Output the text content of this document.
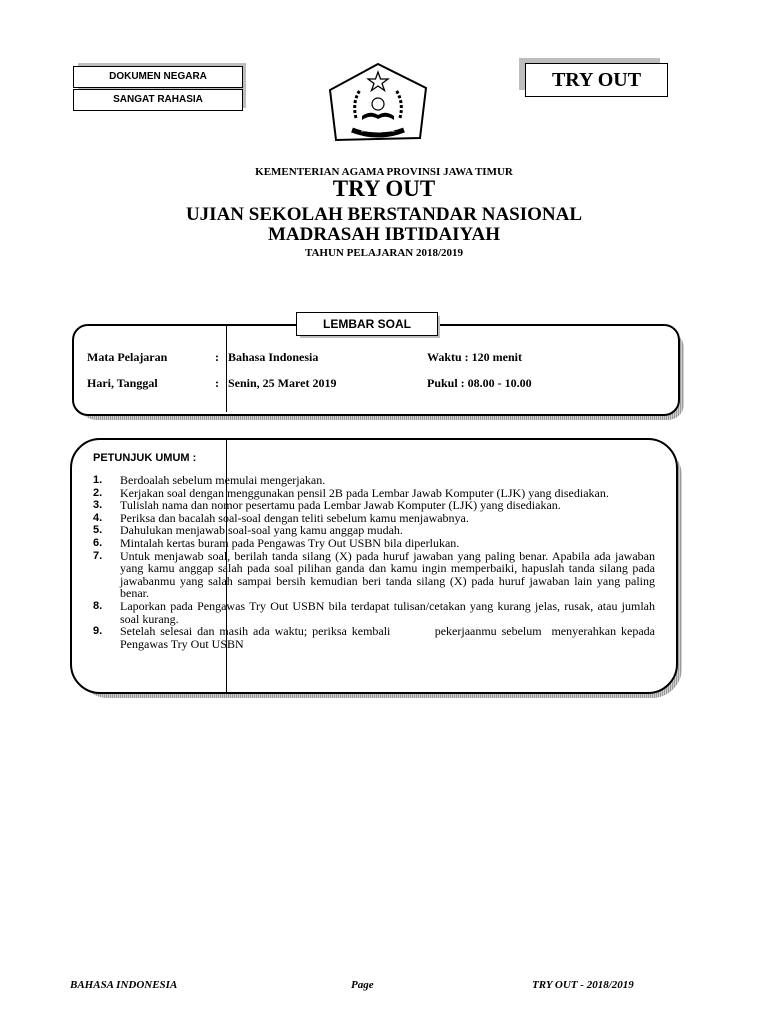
DOKUMEN NEGARA
SANGAT RAHASIA
TRY OUT
IKHLAS BERAMAL
KEMENTERIAN AGAMA PROVINSI JAWA TIMUR
TRY OUT
UJIAN SEKOLAH BERSTANDAR NASIONAL
MADRASAH IBTIDAIYAH
TAHUN PELAJARAN 2018/2019
LEMBAR SOAL
Mata Pelajaran	: Bahasa Indonesia	Waktu : 120 menit
Hari, Tanggal	: Senin, 25 Maret 2019	Pukul : 08.00 - 10.00
PETUNJUK UMUM :
1. Berdoalah sebelum memulai mengerjakan.
2. Kerjakan soal dengan menggunakan pensil 2B pada Lembar Jawab Komputer (LJK) yang disediakan.
3. Tulislah nama dan nomor pesertamu pada Lembar Jawab Komputer (LJK) yang disediakan.
4. Periksa dan bacalah soal-soal dengan teliti sebelum kamu menjawabnya.
5. Dahulukan menjawab soal-soal yang kamu anggap mudah.
6. Mintalah kertas buram pada Pengawas Try Out USBN bila diperlukan.
7. Untuk menjawab soal, berilah tanda silang (X) pada huruf jawaban yang paling benar. Apabila ada jawaban yang kamu anggap salah pada soal pilihan ganda dan kamu ingin memperbaiki, hapuslah tanda silang pada jawabanmu yang salah sampai bersih kemudian beri tanda silang (X) pada huruf jawaban lain yang paling benar.
8. Laporkan pada Pengawas Try Out USBN bila terdapat tulisan/cetakan yang kurang jelas, rusak, atau jumlah soal kurang.
9. Setelah selesai dan masih ada waktu; periksa kembali         pekerjaanmu sebelum  menyerahkan kepada Pengawas Try Out USBN
BAHASA INDONESIA	Page	TRY OUT - 2018/2019
